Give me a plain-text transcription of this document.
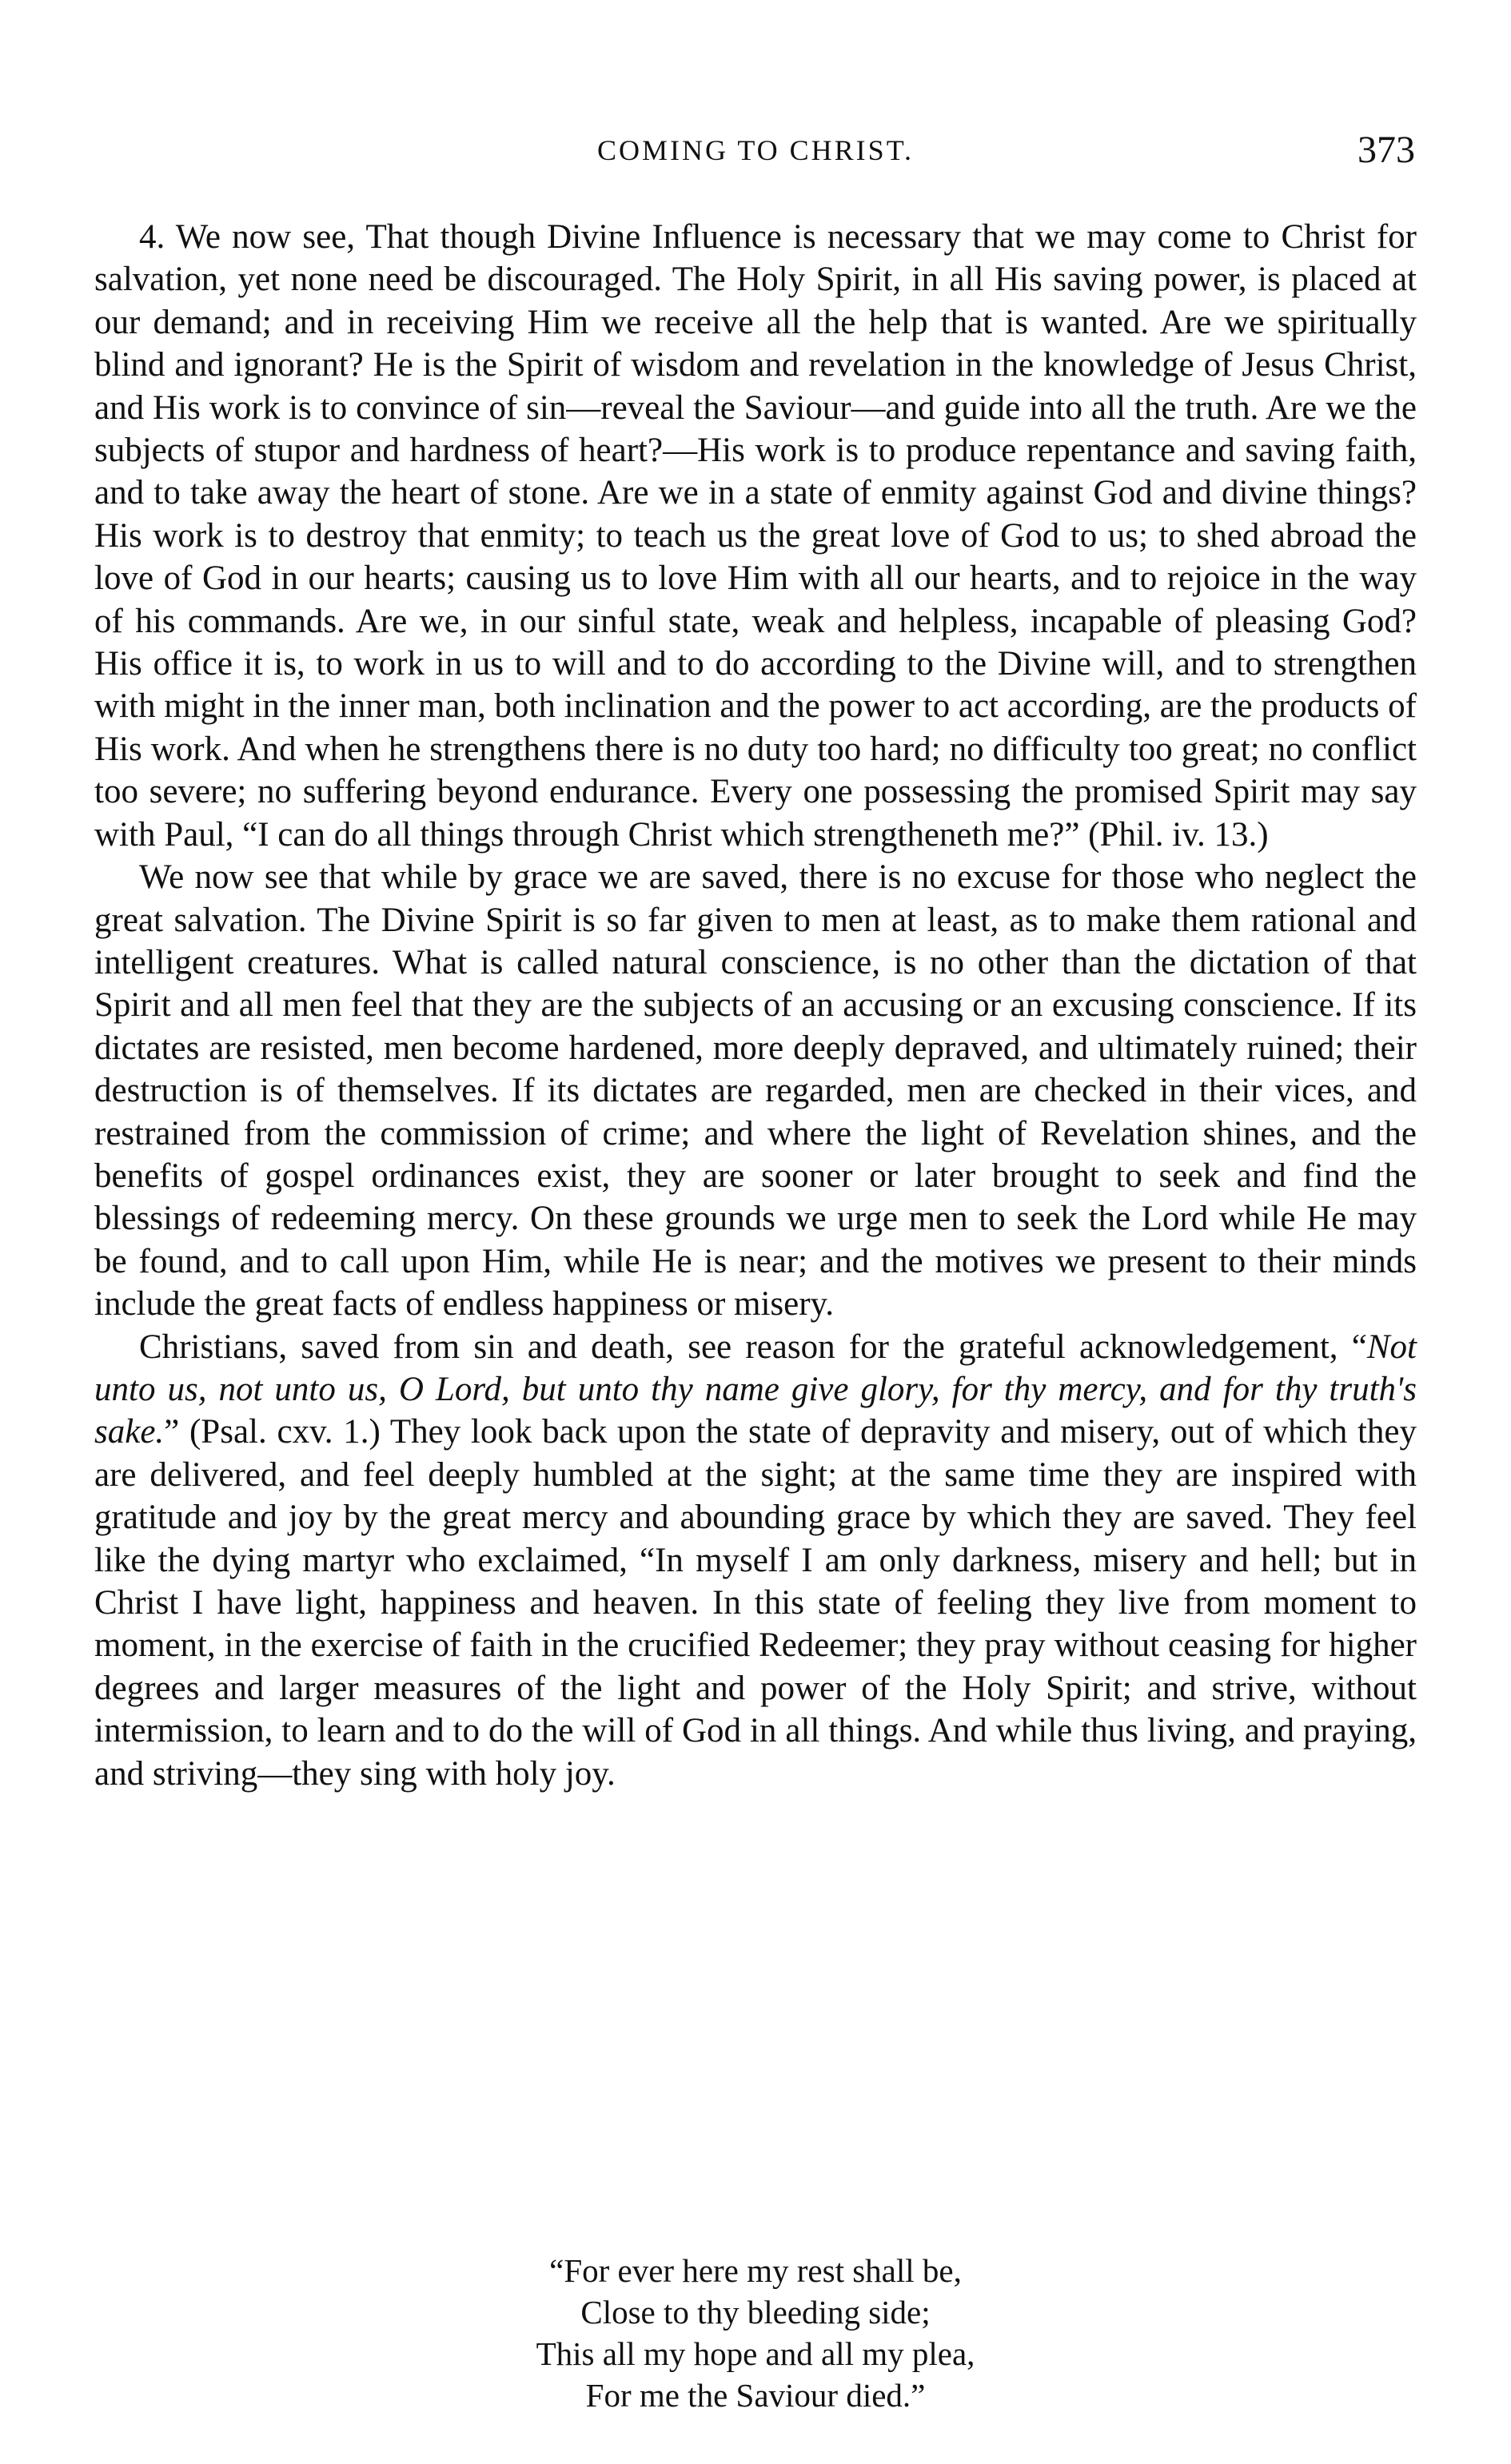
COMING TO CHRIST.	373

4. We now see, That though Divine Influence is necessary that we may come to Christ for salvation, yet none need be discouraged. The Holy Spirit, in all His saving power, is placed at our demand; and in receiving Him we receive all the help that is wanted. Are we spiritually blind and ignorant? He is the Spirit of wisdom and revelation in the knowledge of Jesus Christ, and His work is to convince of sin—reveal the Saviour—and guide into all the truth. Are we the subjects of stupor and hardness of heart?—His work is to produce repentance and saving faith, and to take away the heart of stone. Are we in a state of enmity against God and divine things? His work is to destroy that enmity; to teach us the great love of God to us; to shed abroad the love of God in our hearts; causing us to love Him with all our hearts, and to rejoice in the way of his commands. Are we, in our sinful state, weak and helpless, incapable of pleasing God? His office it is, to work in us to will and to do according to the Divine will, and to strengthen with might in the inner man, both inclination and the power to act according, are the products of His work. And when he strengthens there is no duty too hard; no difficulty too great; no conflict too severe; no suffering beyond endurance. Every one possessing the promised Spirit may say with Paul, “I can do all things through Christ which strengtheneth me?” (Phil. iv. 13.)

We now see that while by grace we are saved, there is no excuse for those who neglect the great salvation. The Divine Spirit is so far given to men at least, as to make them rational and intelligent creatures. What is called natural conscience, is no other than the dictation of that Spirit and all men feel that they are the subjects of an accusing or an excusing conscience. If its dictates are resisted, men become hardened, more deeply depraved, and ultimately ruined; their destruction is of themselves. If its dictates are regarded, men are checked in their vices, and restrained from the commission of crime; and where the light of Revelation shines, and the benefits of gospel ordinances exist, they are sooner or later brought to seek and find the blessings of redeeming mercy. On these grounds we urge men to seek the Lord while He may be found, and to call upon Him, while He is near; and the motives we present to their minds include the great facts of endless happiness or misery.

Christians, saved from sin and death, see reason for the grateful acknowledgement, “Not unto us, not unto us, O Lord, but unto thy name give glory, for thy mercy, and for thy truth's sake.” (Psal. cxv. 1.) They look back upon the state of depravity and misery, out of which they are delivered, and feel deeply humbled at the sight; at the same time they are inspired with gratitude and joy by the great mercy and abounding grace by which they are saved. They feel like the dying martyr who exclaimed, “In myself I am only darkness, misery and hell; but in Christ I have light, happiness and heaven. In this state of feeling they live from moment to moment, in the exercise of faith in the crucified Redeemer; they pray without ceasing for higher degrees and larger measures of the light and power of the Holy Spirit; and strive, without intermission, to learn and to do the will of God in all things. And while thus living, and praying, and striving—they sing with holy joy.

“For ever here my rest shall be,
Close to thy bleeding side;
This all my hope and all my plea,
For me the Saviour died.”
